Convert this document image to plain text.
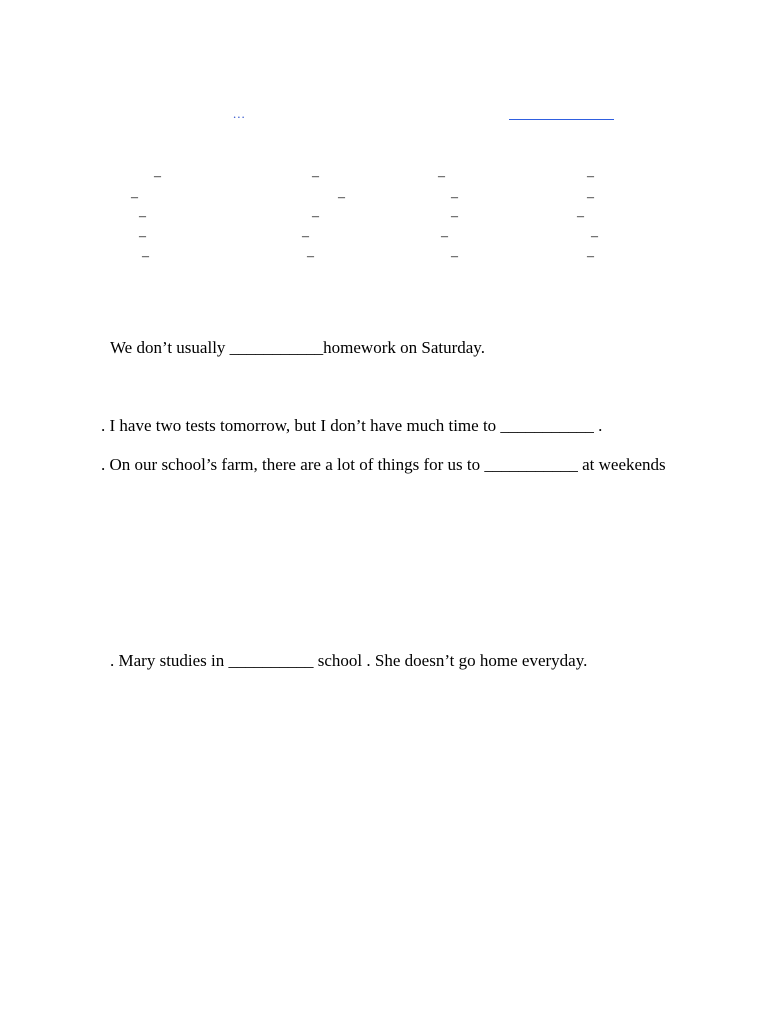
...
–	–	–	–
–	–	–	–
–	–	–	–
–	–	–	–
–	–	–	–
We don’t usually ___________homework on Saturday.
. I have two tests tomorrow, but I don’t have much time to ___________ .
. On our school’s farm, there are a lot of things for us to ___________ at weekends
. Mary studies in __________ school . She doesn’t go home everyday.
